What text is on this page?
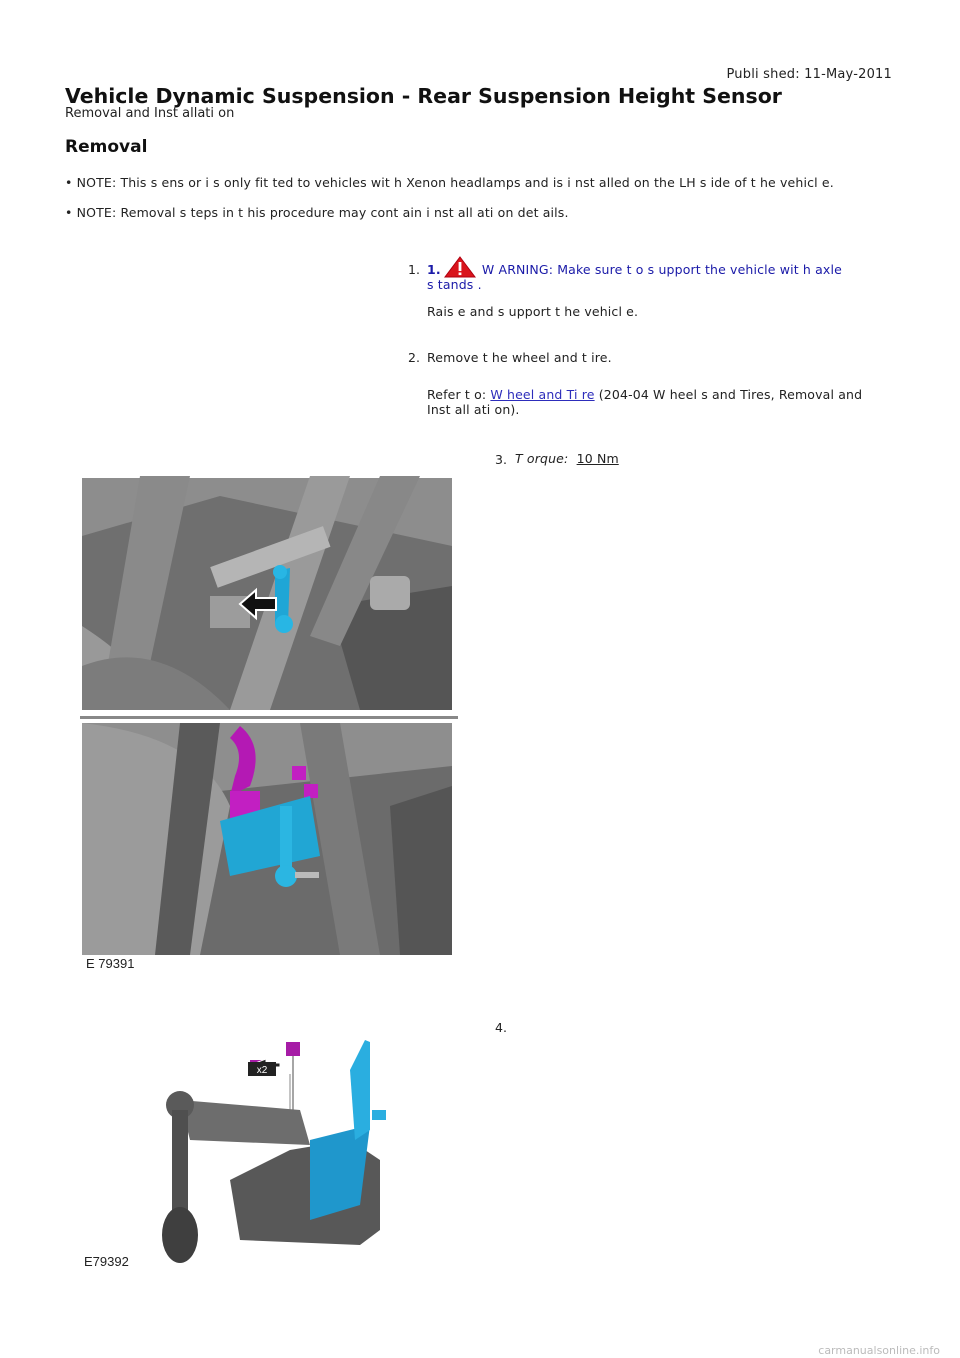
Publi shed: 11-May-2011
Vehicle Dynamic Suspension - Rear Suspension Height Sensor
Removal and Inst allati on
Removal
• NOTE: This s ens or i s only fit ted to vehicles wit h Xenon headlamps and is i nst alled on the LH s ide of t he vehicl e.
• NOTE: Removal s teps in t his procedure may cont ain i nst all ati on det ails.
1. 1.	W ARNING: Make sure t o s upport the vehicle wit h axle
s tands .
Rais e and s upport t he vehicl e.
2. Remove t he wheel and t ire.
Refer t o: W heel and Ti re (204-04 W heel s and Tires, Removal and
Inst all ati on).
3. T orque: 10 Nm
E 79391
4.
x2
E79392
carmanualsonline.info
